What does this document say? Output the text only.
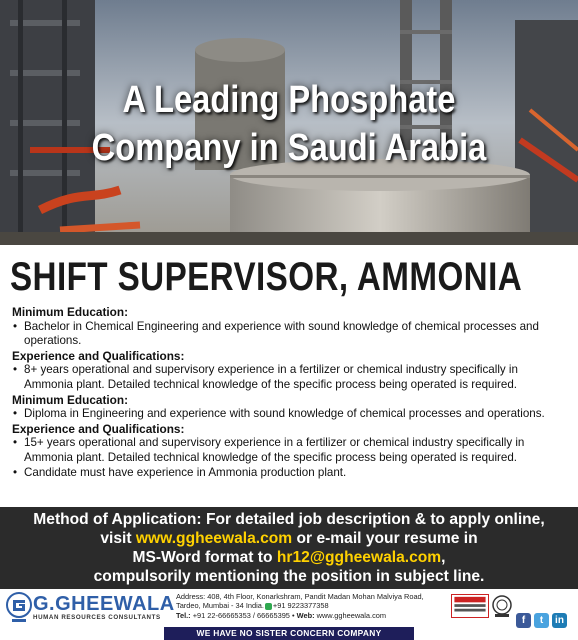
A Leading Phosphate
Company in Saudi Arabia
SHIFT SUPERVISOR, AMMONIA
Minimum Education:
• Bachelor in Chemical Engineering and experience with sound knowledge of chemical processes and operations.
Experience and Qualifications:
• 8+ years operational and supervisory experience in a fertilizer or chemical industry specifically in Ammonia plant. Detailed technical knowledge of the specific process being operated is required.
Minimum Education:
• Diploma in Engineering and experience with sound knowledge of chemical processes and operations.
Experience and Qualifications:
• 15+ years operational and supervisory experience in a fertilizer or chemical industry specifically in Ammonia plant. Detailed technical knowledge of the specific process being operated is required.
• Candidate must have experience in Ammonia production plant.
Method of Application: For detailed job description & to apply online,
visit www.ggheewala.com or e-mail your resume in
MS-Word format to hr12@ggheewala.com,
compulsorily mentioning the position in subject line.
G.GHEEWALA
HUMAN RESOURCES CONSULTANTS
Address: 408, 4th Floor, Konarkshram, Pandit Madan Mohan Malviya Road,
Tardeo, Mumbai - 34 India. +91 9223377358
Tel.: +91 22-66665353 / 66665395 • Web: www.ggheewala.com	f	t	in
WE HAVE NO SISTER CONCERN COMPANY
